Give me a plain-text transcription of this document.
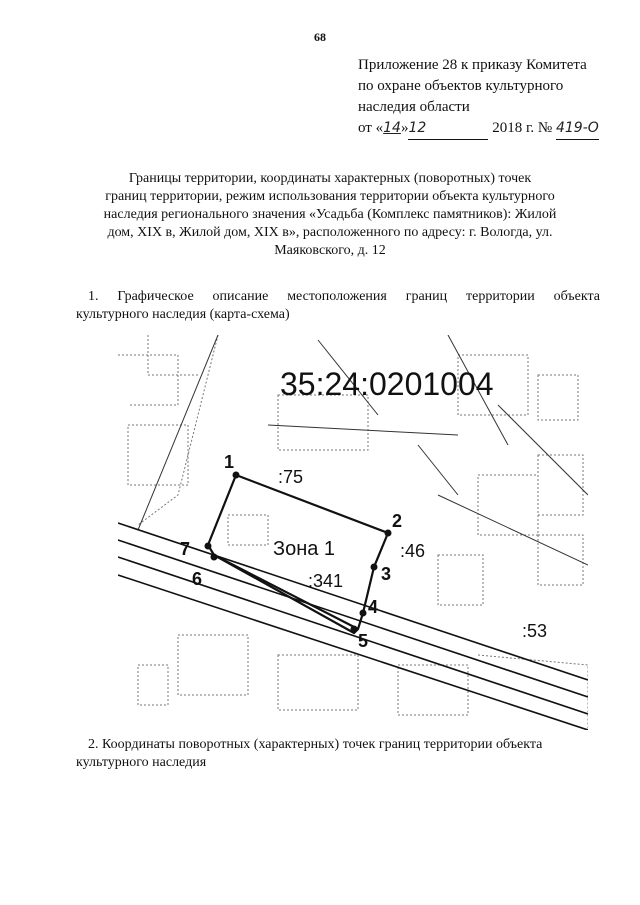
68
Приложение 28 к приказу Комитета
по охране объектов культурного
наследия области
от «14»12	2018 г. № 419-О
Границы территории, координаты характерных (поворотных) точек
границ территории, режим использования территории объекта культурного
наследия регионального значения «Усадьба (Комплекс памятников): Жилой
дом, XIX в, Жилой дом, XIX в», расположенного по адресу: г. Вологда, ул.
Маяковского, д. 12
1. Графическое описание местоположения границ территории объекта
культурного наследия (карта-схема)
35:24:0201004
Зона 1
:75
:46
:341
:53
1
2
3
4
5
6
7
2. Координаты поворотных (характерных) точек границ территории объекта
культурного наследия
